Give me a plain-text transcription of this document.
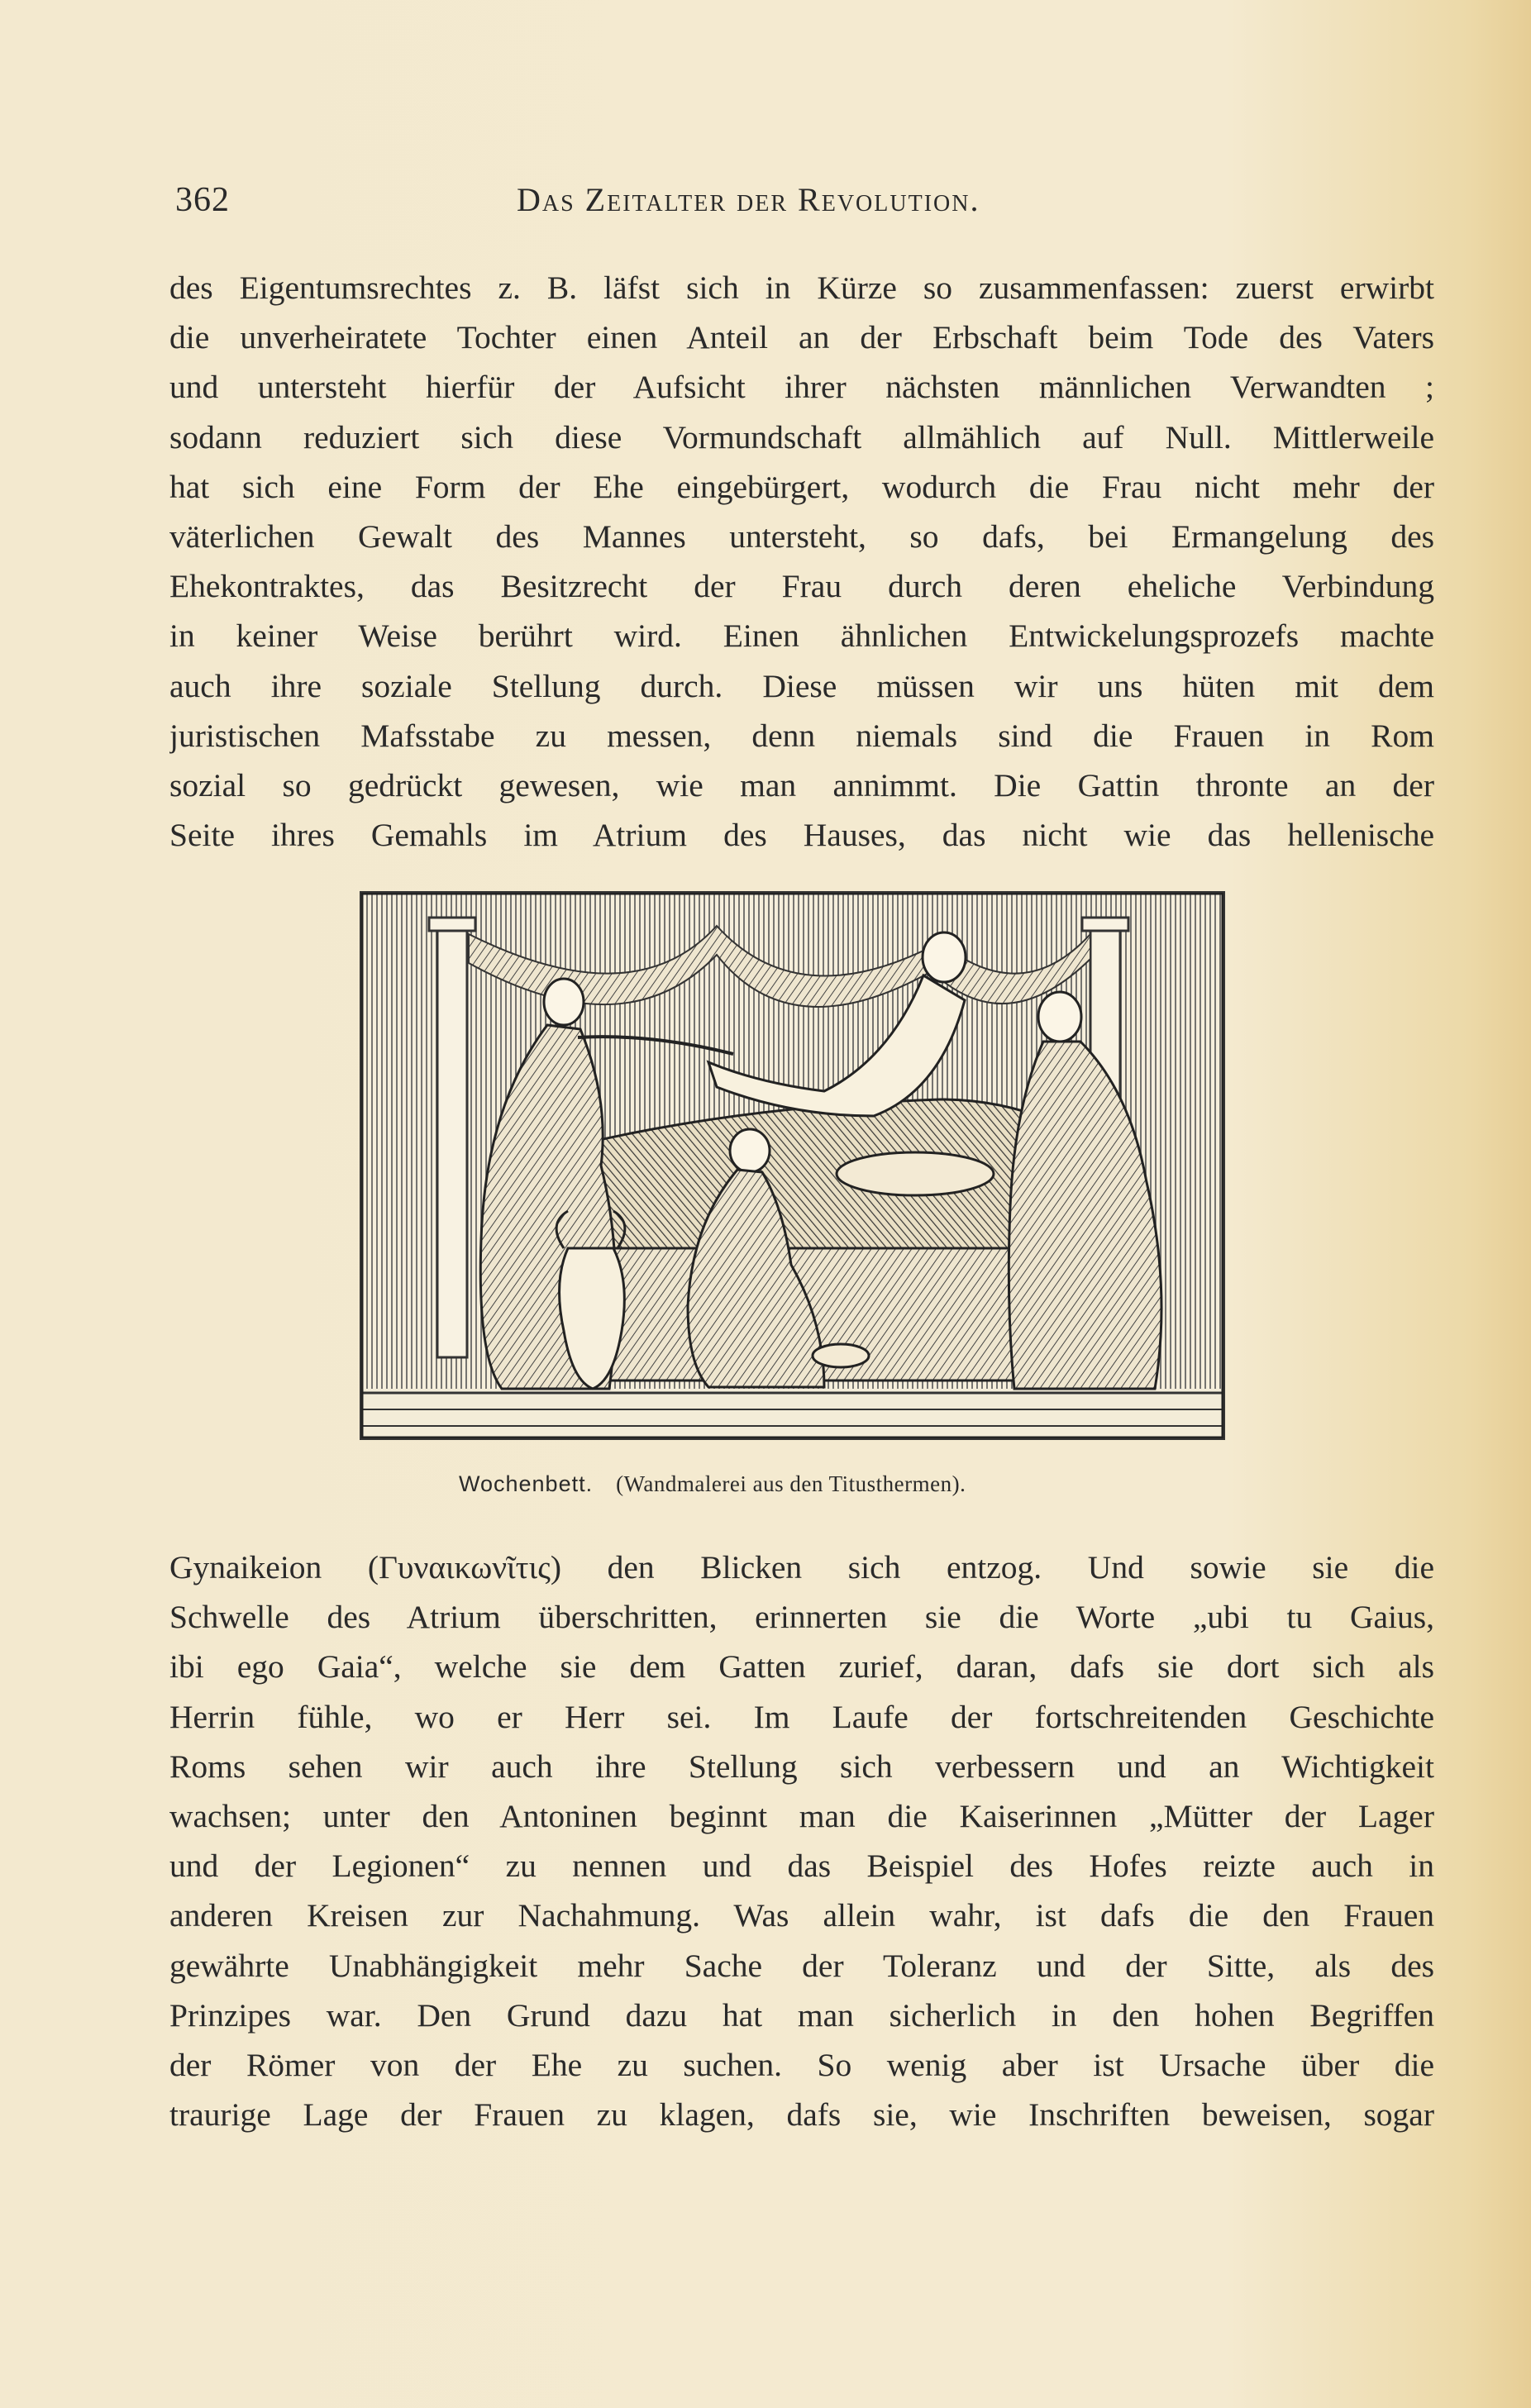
362	Das Zeitalter der Revolution.
des Eigentumsrechtes z. B. läfst sich in Kürze so zusammenfassen: zuerst erwirbt
die unverheiratete Tochter einen Anteil an der Erbschaft beim Tode des Vaters
und untersteht hierfür der Aufsicht ihrer nächsten männlichen Verwandten ;
sodann reduziert sich diese Vormundschaft allmählich auf Null. Mittlerweile
hat sich eine Form der Ehe eingebürgert, wodurch die Frau nicht mehr der
väterlichen Gewalt des Mannes untersteht, so dafs, bei Ermangelung des
Ehekontraktes, das Besitzrecht der Frau durch deren eheliche Verbindung
in keiner Weise berührt wird. Einen ähnlichen Entwickelungsprozefs machte
auch ihre soziale Stellung durch. Diese müssen wir uns hüten mit dem
juristischen Mafsstabe zu messen, denn niemals sind die Frauen in Rom
sozial so gedrückt gewesen, wie man annimmt. Die Gattin thronte an der
Seite ihres Gemahls im Atrium des Hauses, das nicht wie das hellenische
Wochenbett. (Wandmalerei aus den Titusthermen).
Gynaikeion (Γυναικωνῖτις) den Blicken sich entzog. Und sowie sie die
Schwelle des Atrium überschritten, erinnerten sie die Worte „ubi tu Gaius,
ibi ego Gaia“, welche sie dem Gatten zurief, daran, dafs sie dort sich als
Herrin fühle, wo er Herr sei. Im Laufe der fortschreitenden Geschichte
Roms sehen wir auch ihre Stellung sich verbessern und an Wichtigkeit
wachsen; unter den Antoninen beginnt man die Kaiserinnen „Mütter der Lager
und der Legionen“ zu nennen und das Beispiel des Hofes reizte auch in
anderen Kreisen zur Nachahmung. Was allein wahr, ist dafs die den Frauen
gewährte Unabhängigkeit mehr Sache der Toleranz und der Sitte, als des
Prinzipes war. Den Grund dazu hat man sicherlich in den hohen Begriffen
der Römer von der Ehe zu suchen. So wenig aber ist Ursache über die
traurige Lage der Frauen zu klagen, dafs sie, wie Inschriften beweisen, sogar
